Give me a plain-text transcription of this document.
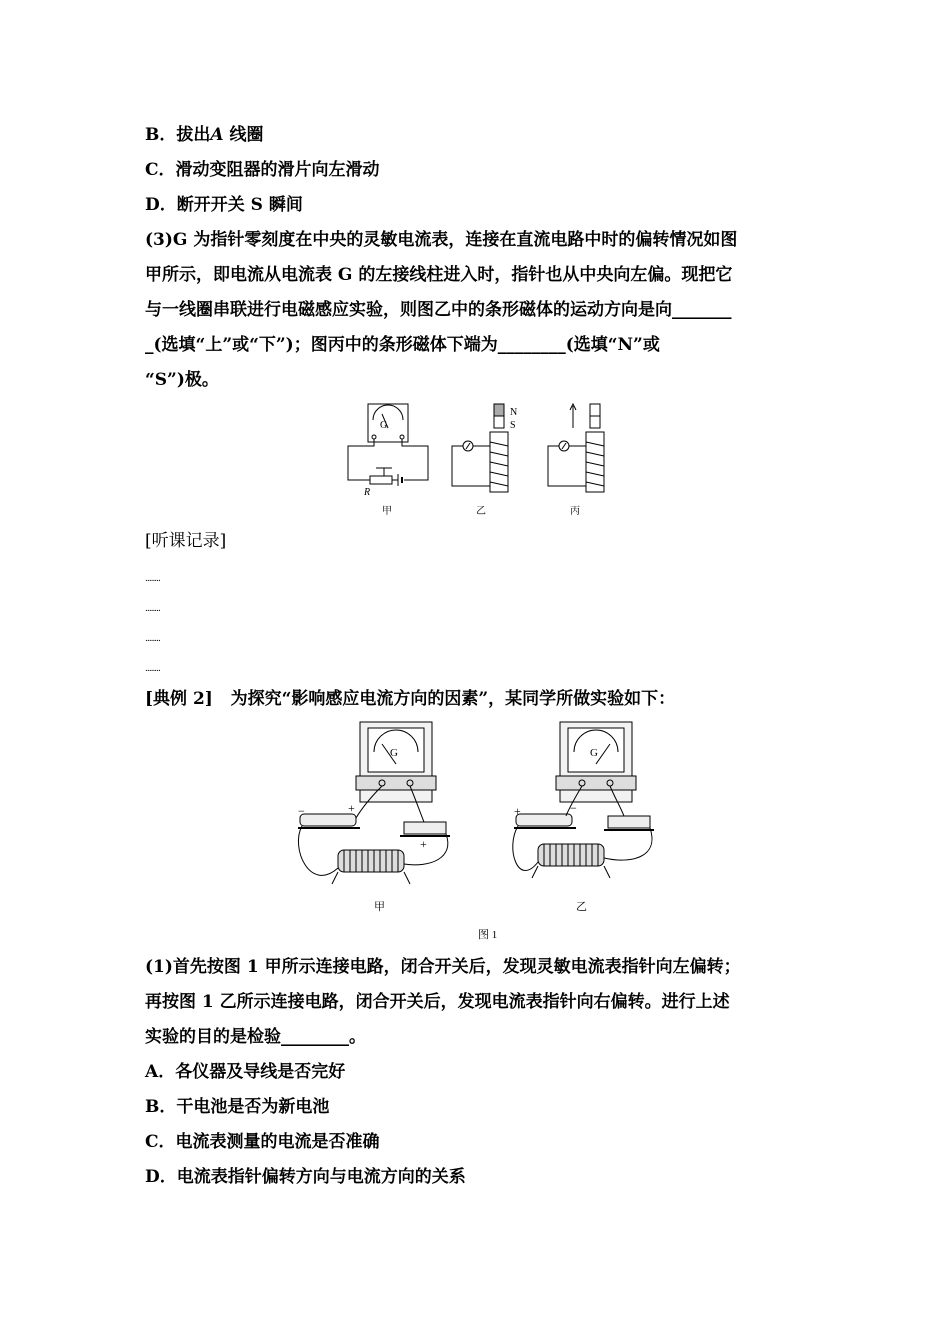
B．拔出A 线圈
C．滑动变阻器的滑片向左滑动
D．断开开关 S 瞬间
(3)G 为指针零刻度在中央的灵敏电流表，连接在直流电路中时的偏转情况如图
甲所示，即电流从电流表 G 的左接线柱进入时，指针也从中央向左偏。现把它
与一线圈串联进行电磁感应实验，则图乙中的条形磁体的运动方向是向_______
_(选填“上”或“下”)；图丙中的条形磁体下端为________(选填“N”或
“S”)极。
G
R
甲
N
S
乙	丙
[听课记录]
........
........
........
........
[典例 2] 为探究“影响感应电流方向的因素”，某同学所做实验如下：
G
−	+
+
甲
G
+	−
乙
图 1
(1)首先按图 1 甲所示连接电路，闭合开关后，发现灵敏电流表指针向左偏转；
再按图 1 乙所示连接电路，闭合开关后，发现电流表指针向右偏转。进行上述
实验的目的是检验________。
A．各仪器及导线是否完好
B．干电池是否为新电池
C．电流表测量的电流是否准确
D．电流表指针偏转方向与电流方向的关系
